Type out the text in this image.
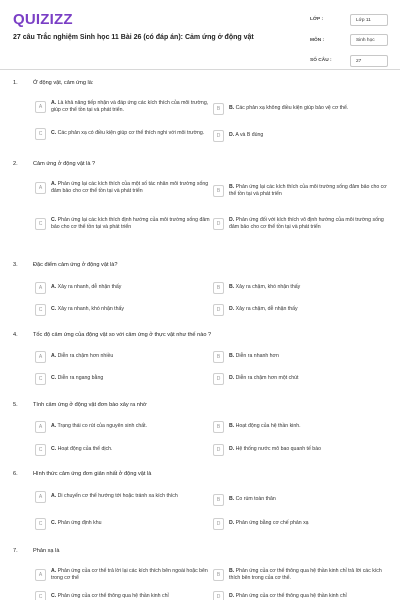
QUIZIZZ
27 câu Trắc nghiệm Sinh học 11 Bài 26 (có đáp án): Cảm ứng ở động vật
LỚP :	Lớp 11
MÔN :	Sinh học
SỐ CÂU :	27
1.	Ở động vật, cảm ứng là:
A
A. Là khả năng tiếp nhận và đáp ứng các kích thích của môi trường, giúp cơ thể tồn tại và phát triển.	B	B. Các phản xạ không điều kiện giúp bảo vệ cơ thể.
C	C. Các phản xạ có điều kiện giúp cơ thể thích nghi với môi trường.	D	D. A và B đúng
2.	Cảm ứng ở động vật là ?
A
A. Phản ứng lại các kích thích của một số tác nhân môi trường sống đảm bảo cho cơ thể tồn tại và phát triển	B
B. Phản ứng lại các kích thích của môi trường sống đảm bảo cho cơ thể tồn tại và phát triển
C
C. Phản ứng lại các kích thích định hướng của môi trường sống đảm bảo cho cơ thể tồn tại và phát triển	D
D. Phản ứng đối với kích thích vô định hướng của môi trường sống đảm bảo cho cơ thể tồn tại và phát triển
3.	Đặc điểm cảm ứng ở động vật là?
A	A. Xảy ra nhanh, dễ nhận thấy	B	B. Xảy ra chậm, khó nhận thấy
C	C. Xảy ra nhanh, khó nhận thấy	D	D. Xảy ra chậm, dễ nhận thấy
4.	Tốc độ cảm ứng của động vật so với cảm ứng ở thực vật như thế nào ?
A	A. Diễn ra chậm hơn nhiều	B	B. Diễn ra nhanh hơn
C	C. Diễn ra ngang bằng	D	D. Diễn ra chậm hơn một chút
5.	Tính cảm ứng ở động vật đơn bào xảy ra nhờ
A	A. Trạng thái co rút của nguyên sinh chất.	B	B. Hoạt động của hệ thần kinh.
C	C. Hoạt động của thể dịch.	D	D. Hệ thống nước mô bao quanh tế bào
6.	Hình thức cảm ứng đơn giản nhất ở động vật là
A	A. Di chuyển cơ thể hướng tới hoặc tránh xa kích thích
B	B. Co rúm toàn thân
C	C. Phản ứng định khu	D	D. Phản ứng bằng cơ chế phản xạ
7.	Phản xạ là
A
A. Phản ứng của cơ thể trả lời lại các kích thích bên ngoài hoặc bên trong cơ thể	B
B. Phản ứng của cơ thể thông qua hệ thần kinh chỉ trả lời các kích thích bên trong của cơ thể.
C	C. Phản ứng của cơ thể thông qua hệ thần kinh chỉ	D	D. Phản ứng của cơ thể thông qua hệ thần kinh chỉ
